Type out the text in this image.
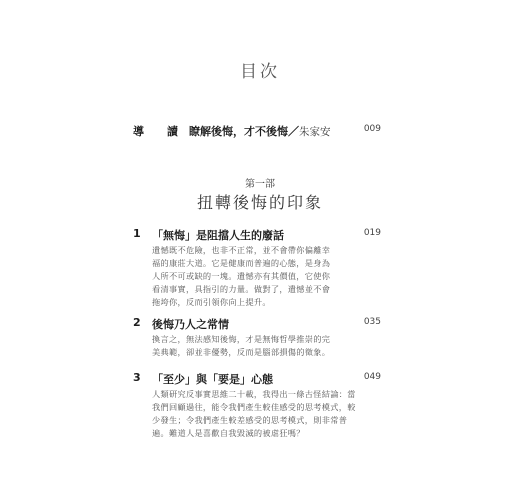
目次
導　讀 瞭解後悔，才不後悔／朱家安	009
第一部
扭轉後悔的印象
1 「無悔」是阻擋人生的廢話	019
遺憾既不危險，也非不正常，並不會帶你偏離幸福的康莊大道。它是健康而普遍的心態，是身為人所不可或缺的一塊。遺憾亦有其價值，它使你看清事實，具指引的力量。做對了，遺憾並不會拖垮你，反而引領你向上提升。
2 後悔乃人之常情	035
換言之，無法感知後悔，才是無悔哲學推崇的完美典範，卻並非優勢，反而是腦部損傷的徵象。
3 「至少」與「要是」心態	049
人類研究反事實思維二十載，我得出一條古怪結論：當我們回顧過往，能令我們產生較佳感受的思考模式，較少發生；令我們產生較差感受的思考模式，則非常普遍。難道人是喜歡自我毀滅的被虐狂嗎？
